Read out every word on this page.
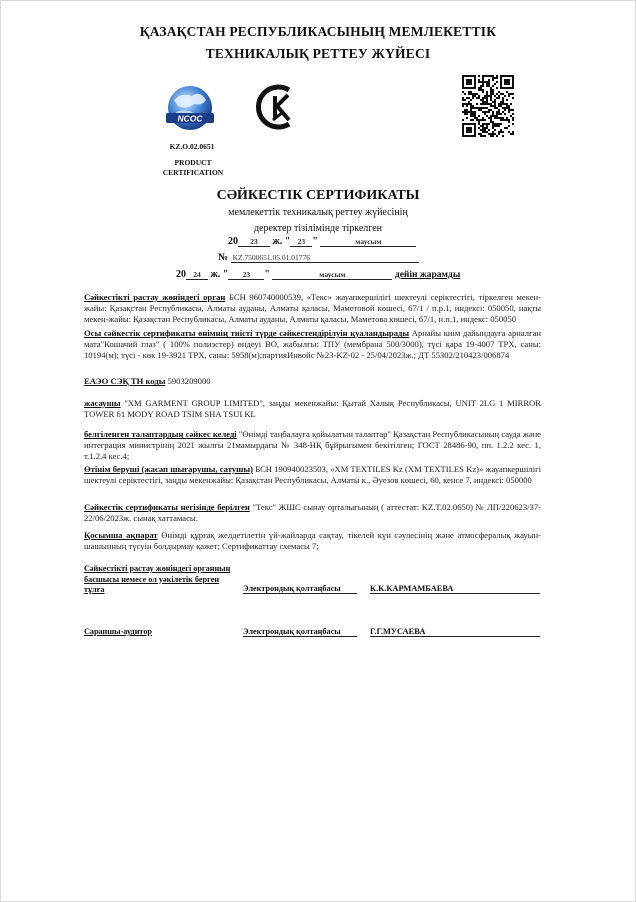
ҚАЗАҚСТАН РЕСПУБЛИКАСЫНЫҢ МЕМЛЕКЕТТІК
ТЕХНИКАЛЫҚ РЕТТЕУ ЖҮЙЕСІ
NCOC
KZ.O.02.0651
PRODUCT
CERTIFICATION
СӘЙКЕСТІК СЕРТИФИКАТЫ
мемлекеттік техникалық реттеу жүйесінің
деректер тізілімінде тіркелген
20 23 ж. " 23 "	маусым
№ KZ.7500651.05.01.01776
20 24 ж. " 23 "	маусым	дейін жарамды
Сәйкестікті растау жөніндегі орган БСН 960740000539, «Текс» жауапкершілігі шектеулі серіктестігі, тіркелген мекен-жайы: Қазақстан Республикасы, Алматы ауданы, Алматы қаласы, Мәметовой көшесі, 67/1 / п.р.1, индексі: 050050, нақты мекен-жайы: Қазақстан Республикасы, Алматы ауданы, Алматы қаласы, Маметова көшесі, 67/1, н.п.1, индекс: 050050
Осы сәйкестік сертификаты өнімнің тиісті түрде сәйкестендірілуін қуаландырады Арнайы киім дайындауға арналған мата"Кошачий глаз" ( 100% полиэстер) өндеуі ВО, жабылғы: ТПУ (мембрана 500/3000), түсі қара 19-4007 TPX, саны: 10194(м); түсі - көк 19-3921 TPX, саны: 5958(м);партияИнвойс №23-KZ-02 - 25/04/2023ж.; ДТ 55302/210423/006874
ЕАЭО СЭҚ ТН коды 5903209000
жасаушы "XM GARMENT GROUP LIMITED", заңды мекенжайы: Қытай Халық Республикасы, UNIT 2LG 1 MIRROR TOWER 61 MODY ROAD TSIM SHA TSUI KL
белгіленген талаптардың сәйкес келеді "Өнімді таңбалауға қойылатын талаптар" Қазақстан Республикасының сауда және интеграция министрінің 2021 жылғы 21мамырдағы № 348-НҚ бұйрығымен бекітілген; ГОСТ 28486-90, пп. 1.2.2 кес. 1, т.1.2.4 кес.4;
Өтінім беруші (жасап шығарушы, сатушы) БСН 190940023503, «XM TEXTILES Kz (XM TEXTILES Kz)» жауапкершілігі шектеулі серіктестігі, заңды мекенжайы: Қазақстан Республикасы, Алматы к., Әуезов көшесі, 60, кенсе 7, индексі: 050000
Сәйкестік сертификаты негізінде берілген "Текс" ЖШС сынау орталығының ( аттестат: KZ.T.02.0650) № ЛП/220623/37-22/06/2023ж. сынақ хаттамасы.
Қосымша ақпарат Өнімді құрғақ желдетілетін үй-жайларда сақтау, тікелей күн сәулесінің және атмосфералық жауын-шашынның түсуін болдырмау қажет; Сертификаттау схемасы 7;
Сәйкестікті растау жөніндегі органның
басшысы немесе ол уәкілетік берген
тұлға	Электрондық қолтаңбасы	К.К.КАРМАМБАЕВА
Сарапшы-аудитор	Электрондық қолтаңбасы	Г.Г.МУСАЕВА
